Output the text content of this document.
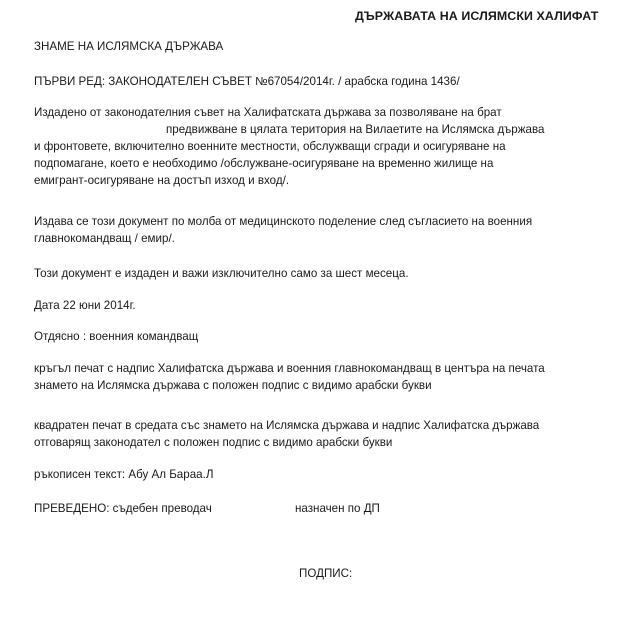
ДЪРЖАВАТА НА ИСЛЯМСКИ ХАЛИФАТ
ЗНАМЕ НА ИСЛЯМСКА ДЪРЖАВА
ПЪРВИ РЕД: ЗАКОНОДАТЕЛЕН СЪВЕТ №67054/2014г. / арабска година 1436/
Издадено от законодателния съвет на Халифатската държава за позволяване на брат
предвижване в цялата територия на Вилаетите на Ислямска държава
и фронтовете, включително военните местности, обслужващи сгради и осигуряване на
подпомагане, което е необходимо /обслужване-осигуряване на временно жилище на
емигрант-осигуряване на достъп изход и вход/.
Издава се този документ по молба от медицинското поделение след съгласието на военния
главнокомандващ / емир/.
Този документ е издаден и важи изключително само за шест месеца.
Дата 22 юни 2014г.
Отдясно : военния командващ
кръгъл печат с надпис Халифатска държава и военния главнокомандващ в центъра на печата
знамето на Ислямска държава с положен подпис с видимо арабски букви
квадратен печат в средата със знамето на Ислямска държава и надпис Халифатска държава
отговарящ законодател с положен подпис с видимо арабски букви
ръкописен текст: Абу Ал Бараа.Л
ПРЕВЕДЕНО: съдебен преводач	назначен по ДП
ПОДПИС:
